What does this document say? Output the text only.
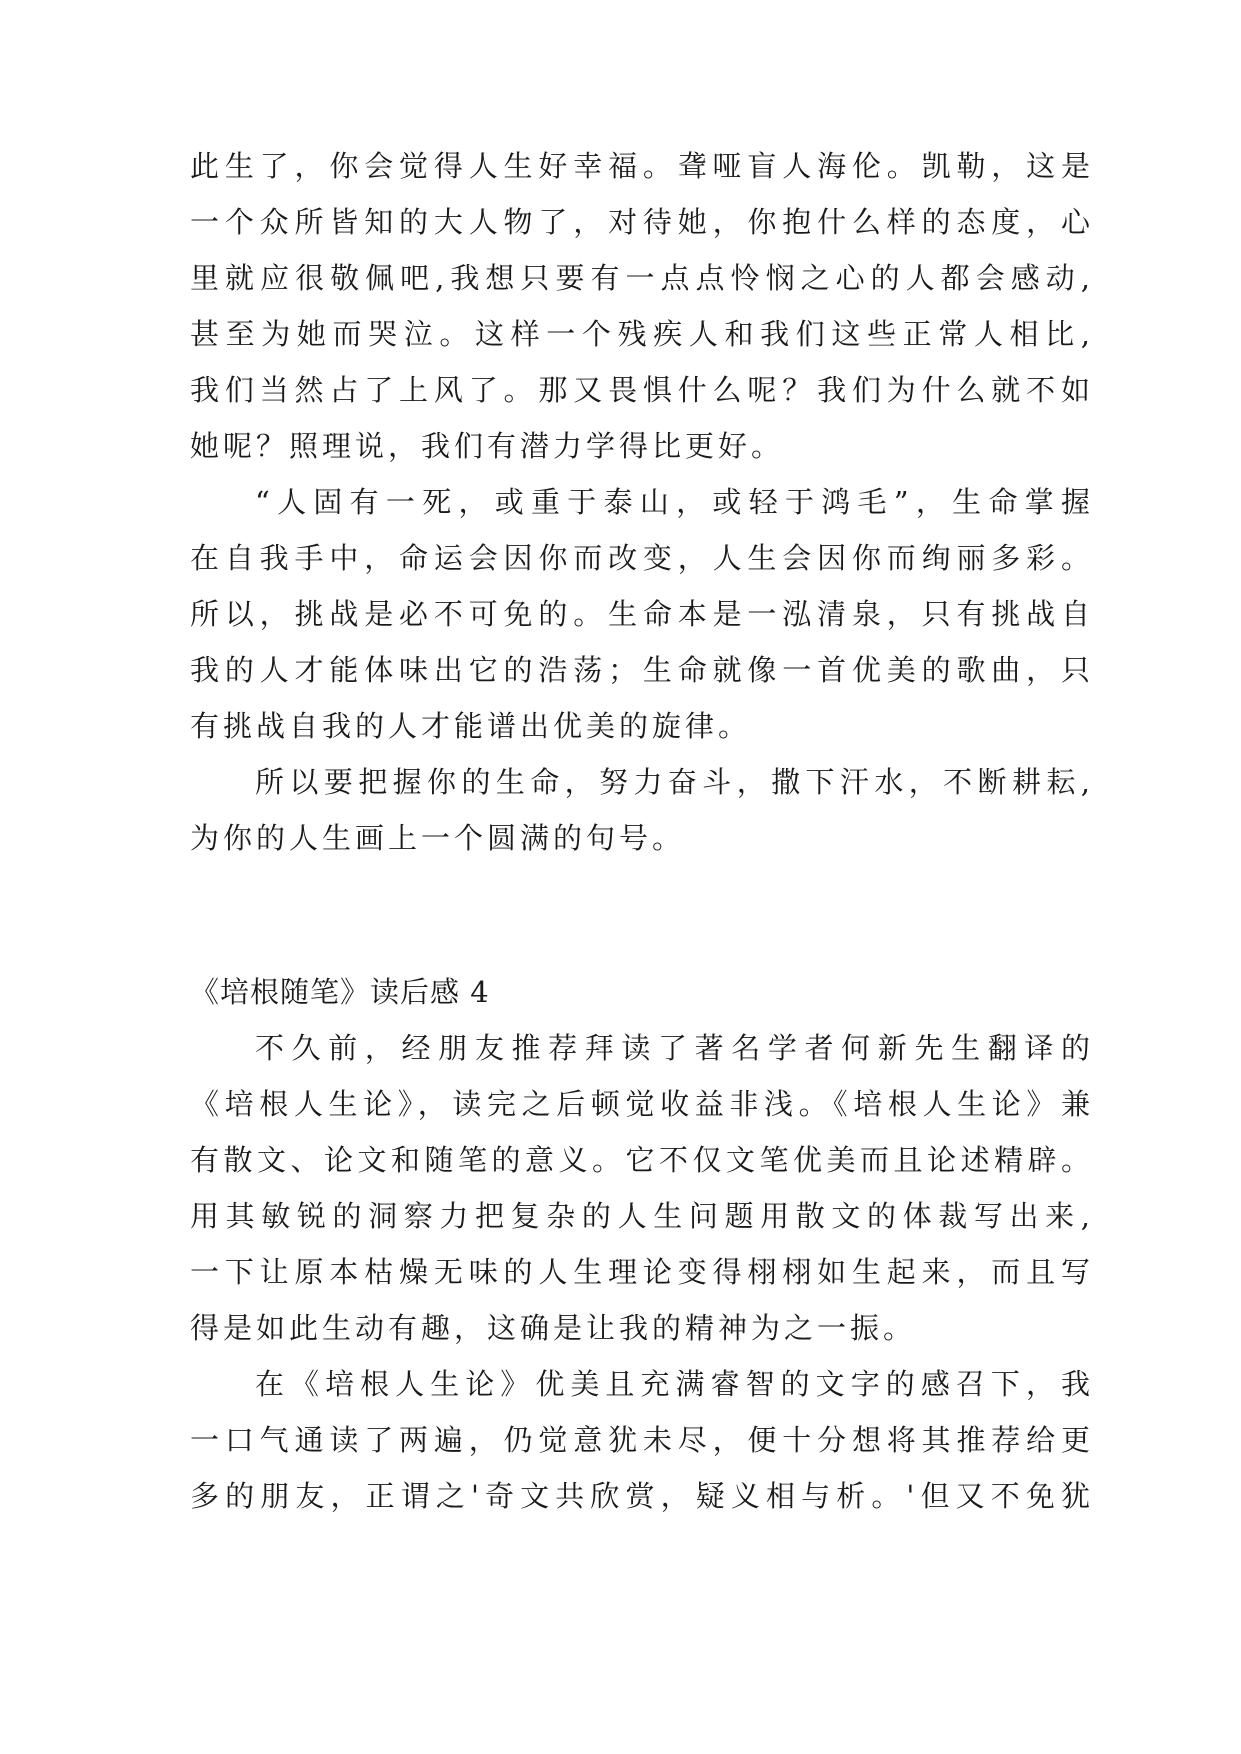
此生了，你会觉得人生好幸福。聋哑盲人海伦。凯勒，这是
一个众所皆知的大人物了，对待她，你抱什么样的态度，心
里就应很敬佩吧,我想只要有一点点怜悯之心的人都会感动,
甚至为她而哭泣。这样一个残疾人和我们这些正常人相比,
我们当然占了上风了。那又畏惧什么呢？我们为什么就不如
她呢？照理说，我们有潜力学得比更好。
“人固有一死，或重于泰山，或轻于鸿毛”，生命掌握
在自我手中，命运会因你而改变，人生会因你而绚丽多彩。
所以，挑战是必不可免的。生命本是一泓清泉，只有挑战自
我的人才能体味出它的浩荡；生命就像一首优美的歌曲，只
有挑战自我的人才能谱出优美的旋律。
所以要把握你的生命，努力奋斗，撒下汗水，不断耕耘,
为你的人生画上一个圆满的句号。
《培根随笔》读后感 4
不久前，经朋友推荐拜读了著名学者何新先生翻译的
《培根人生论》，读完之后顿觉收益非浅。《培根人生论》兼
有散文、论文和随笔的意义。它不仅文笔优美而且论述精辟。
用其敏锐的洞察力把复杂的人生问题用散文的体裁写出来,
一下让原本枯燥无味的人生理论变得栩栩如生起来，而且写
得是如此生动有趣，这确是让我的精神为之一振。
在《培根人生论》优美且充满睿智的文字的感召下，我
一口气通读了两遍，仍觉意犹未尽，便十分想将其推荐给更
多的朋友，正谓之'奇文共欣赏，疑义相与析。'但又不免犹
